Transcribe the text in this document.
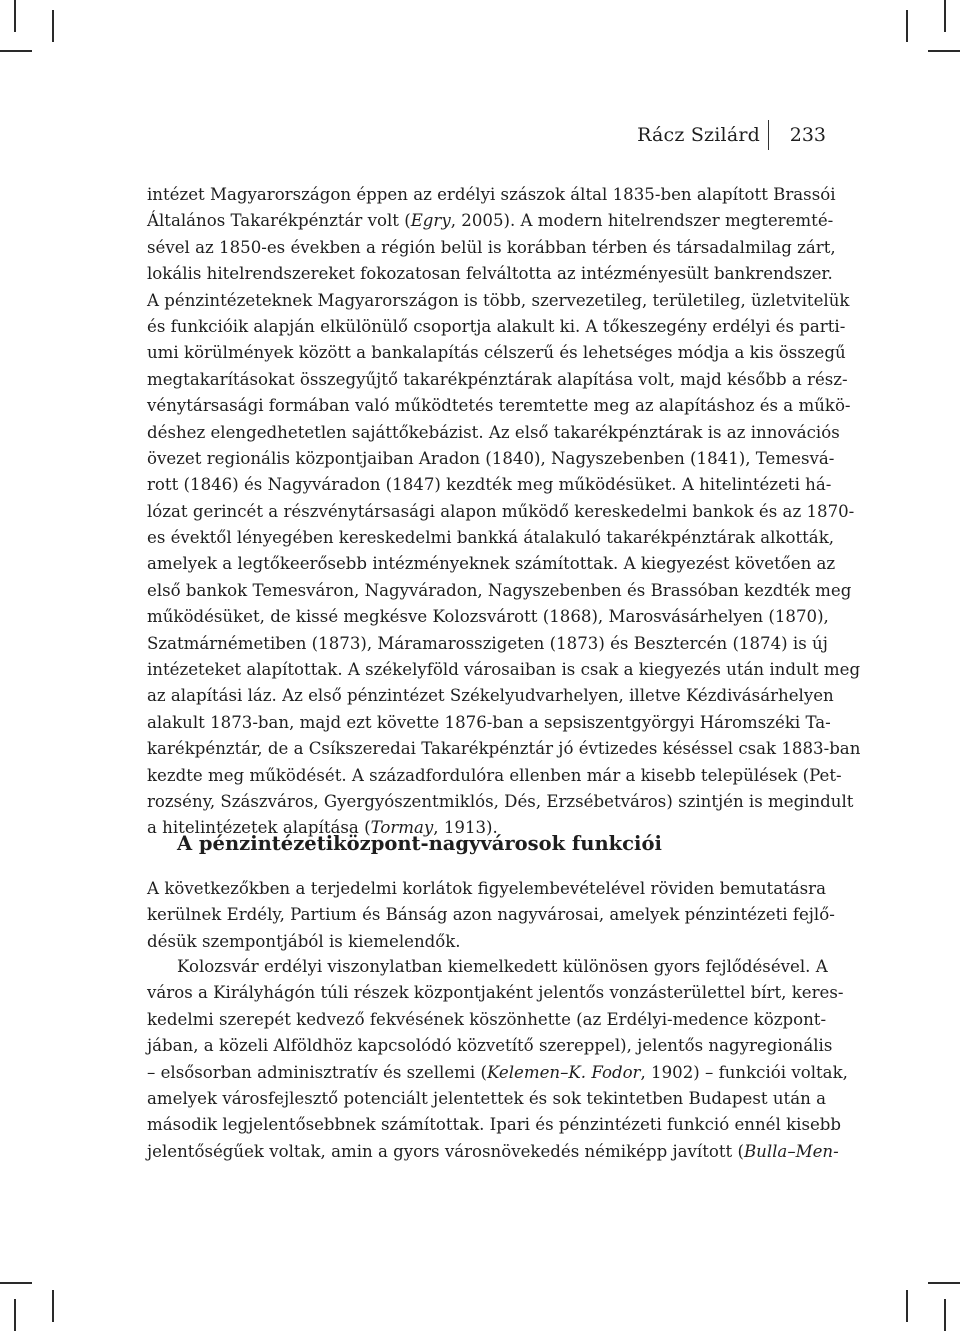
Rácz Szilárd 233
intézet Magyarországon éppen az erdélyi szászok által 1835-ben alapított Brassói
Általános Takarékpénztár volt (Egry, 2005). A modern hitelrendszer megteremté-
sével az 1850-es években a régión belül is korábban térben és társadalmilag zárt,
lokális hitelrendszereket fokozatosan felváltotta az intézményesült bankrendszer.
A pénzintézeteknek Magyarországon is több, szervezetileg, területileg, üzletvitelük
és funkcióik alapján elkülönülő csoportja alakult ki. A tőkeszegény erdélyi és parti-
umi körülmények között a bankalapítás célszerű és lehetséges módja a kis összegű
megtakarításokat összegyűjtő takarékpénztárak alapítása volt, majd később a rész-
vénytársasági formában való működtetés teremtette meg az alapításhoz és a műkö-
déshez elengedhetetlen sajáttőkebázist. Az első takarékpénztárak is az innovációs
övezet regionális központjaiban Aradon (1840), Nagyszebenben (1841), Temesvá-
rott (1846) és Nagyváradon (1847) kezdték meg működésüket. A hitelintézeti há-
lózat gerincét a részvénytársasági alapon működő kereskedelmi bankok és az 1870-
es évektől lényegében kereskedelmi bankká átalakuló takarékpénztárak alkották,
amelyek a legtőkeerősebb intézményeknek számítottak. A kiegyezést követően az
első bankok Temesváron, Nagyváradon, Nagyszebenben és Brassóban kezdték meg
működésüket, de kissé megkésve Kolozsvárott (1868), Marosvásárhelyen (1870),
Szatmárnémetiben (1873), Máramarosszigeten (1873) és Besztercén (1874) is új
intézeteket alapítottak. A székelyföld városaiban is csak a kiegyezés után indult meg
az alapítási láz. Az első pénzintézet Székelyudvarhelyen, illetve Kézdivásárhelyen
alakult 1873-ban, majd ezt követte 1876-ban a sepsiszentgyörgyi Háromszéki Ta-
karékpénztár, de a Csíkszeredai Takarékpénztár jó évtizedes késéssel csak 1883-ban
kezdte meg működését. A századfordulóra ellenben már a kisebb települések (Pet-
rozsény, Szászváros, Gyergyószentmiklós, Dés, Erzsébetváros) szintjén is megindult
a hitelintézetek alapítása (Tormay, 1913).
A pénzintézetiközpont-nagyvárosok funkciói
A következőkben a terjedelmi korlátok figyelembevételével röviden bemutatásra
kerülnek Erdély, Partium és Bánság azon nagyvárosai, amelyek pénzintézeti fejlő-
désük szempontjából is kiemelendők.
Kolozsvár erdélyi viszonylatban kiemelkedett különösen gyors fejlődésével. A
város a Királyhágón túli részek központjaként jelentős vonzásterülettel bírt, keres-
kedelmi szerepét kedvező fekvésének köszönhette (az Erdélyi-medence központ-
jában, a közeli Alföldhöz kapcsolódó közvetítő szereppel), jelentős nagyregionális
– elsősorban adminisztratív és szellemi (Kelemen–K. Fodor, 1902) – funkciói voltak,
amelyek városfejlesztő potenciált jelentettek és sok tekintetben Budapest után a
második legjelentősebbnek számítottak. Ipari és pénzintézeti funkció ennél kisebb
jelentőségűek voltak, amin a gyors városnövekedés némiképp javított (Bulla–Men-
